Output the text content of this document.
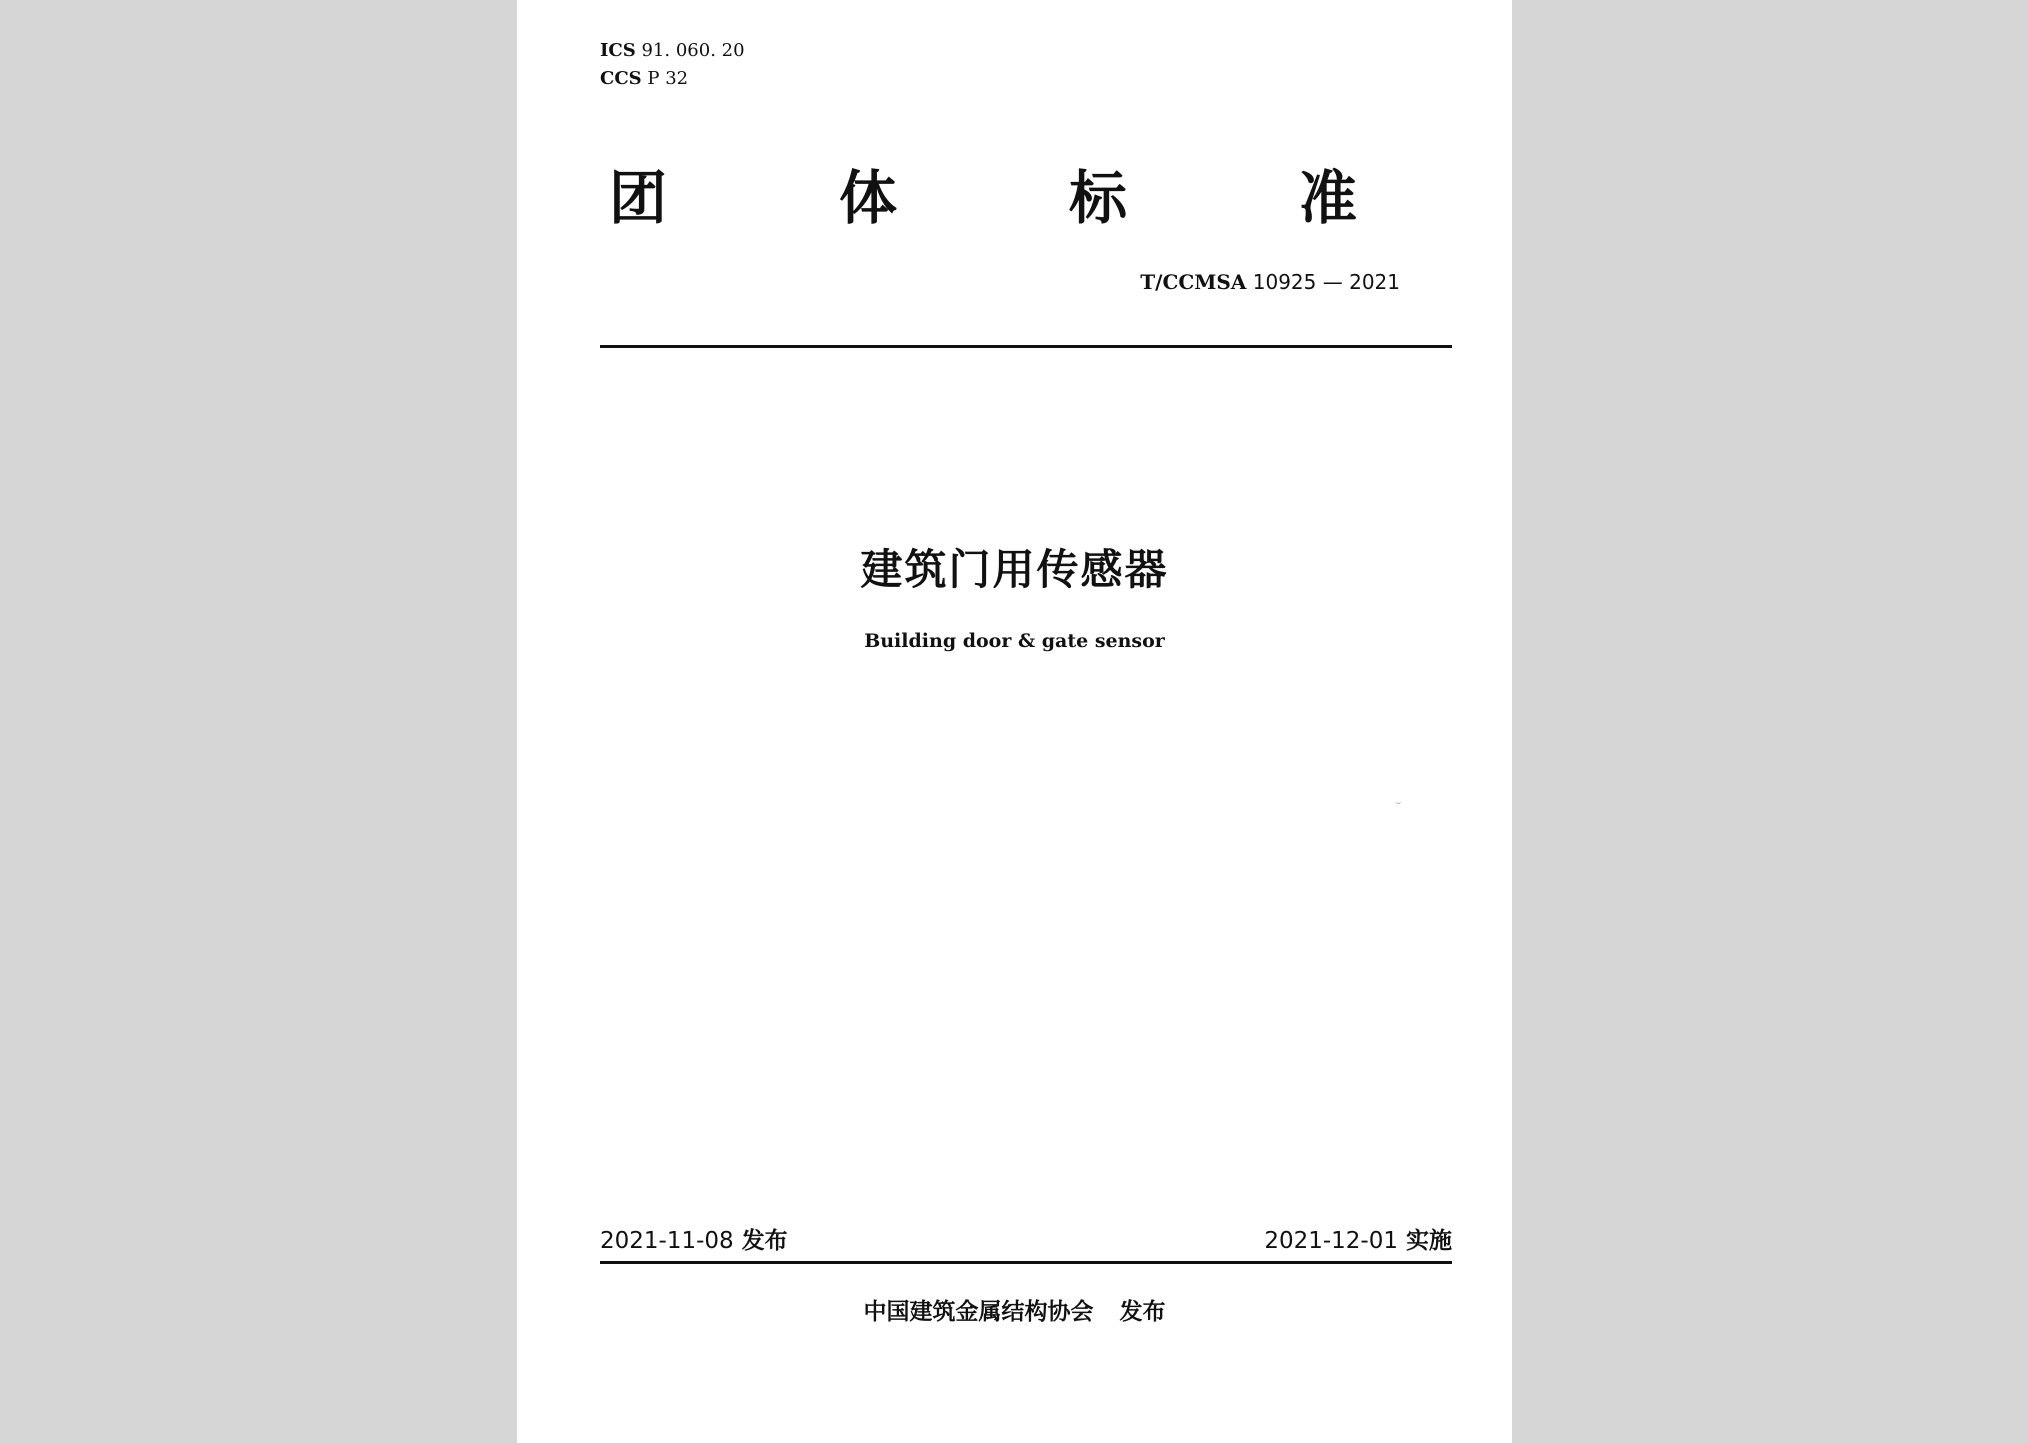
ICS 91. 060. 20
CCS P 32
团	体	标	准
T/CCMSA 10925 — 2021
建筑门用传感器
Building door & gate sensor
2021-11-08 发布	2021-12-01 实施
中国建筑金属结构协会 发布
